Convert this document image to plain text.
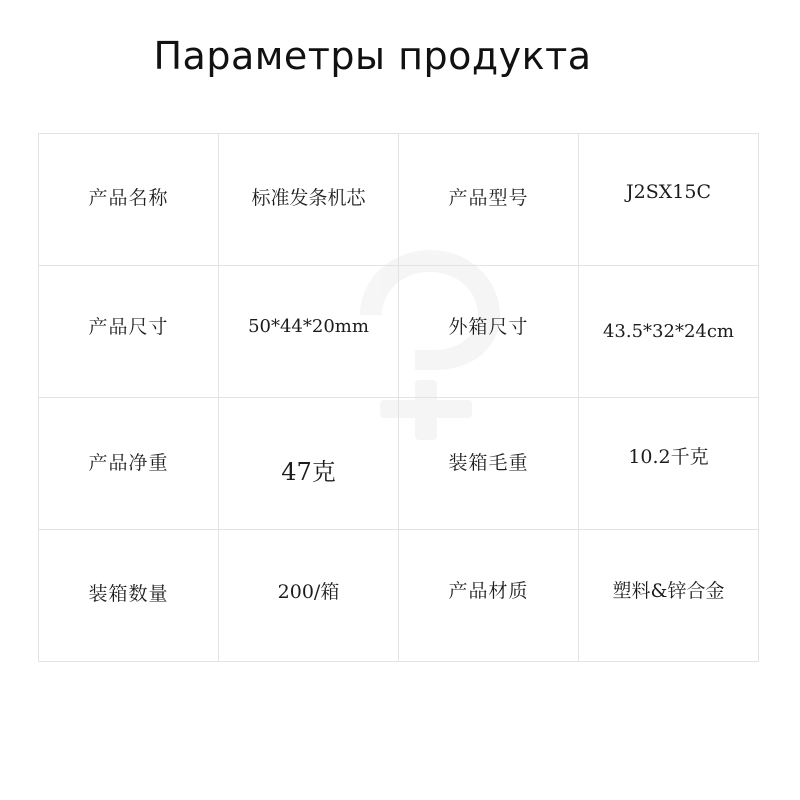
Параметры продукта
产品名称	标准发条机芯	产品型号	J2SX15C
产品尺寸	50*44*20mm	外箱尺寸	43.5*32*24cm
产品净重	47克	装箱毛重	10.2千克
装箱数量	200/箱	产品材质	塑料&锌合金
